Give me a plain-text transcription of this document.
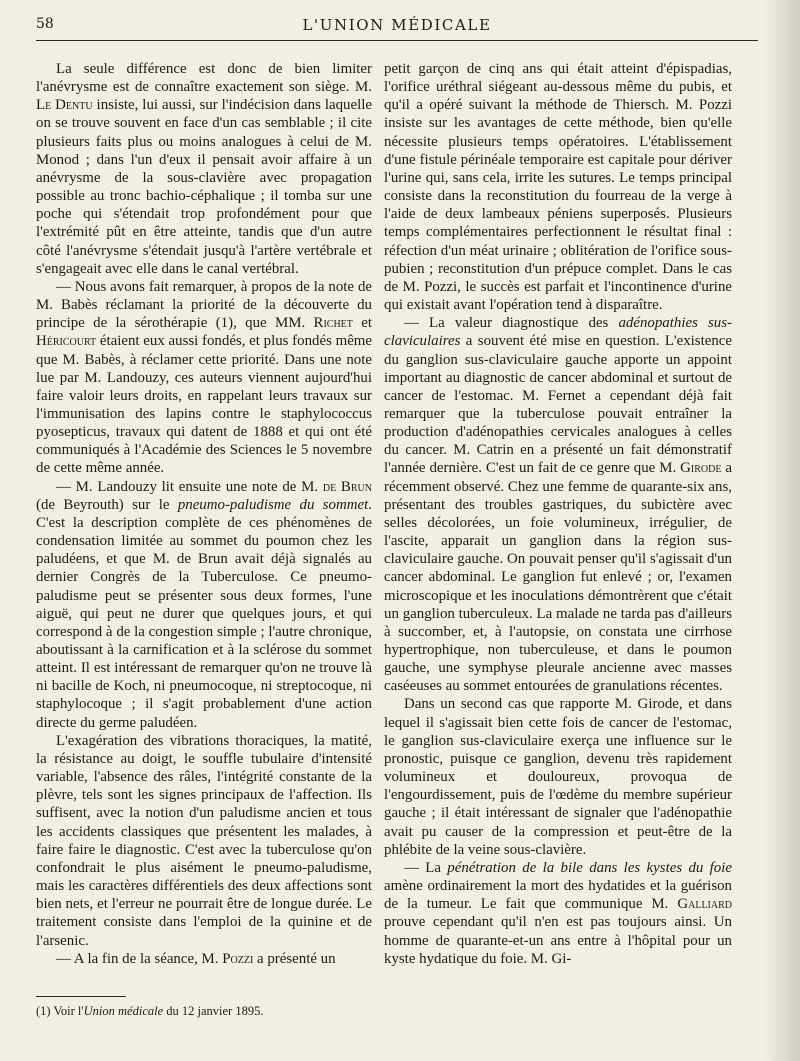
58	L'UNION MÉDICALE

La seule différence est donc de bien limiter l'anévrysme est de connaître exactement son siège. M. Le Dentu insiste, lui aussi, sur l'indécision dans laquelle on se trouve souvent en face d'un cas semblable ; il cite plusieurs faits plus ou moins analogues à celui de M. Monod ; dans l'un d'eux il pensait avoir affaire à un anévrysme de la sous-clavière avec propagation possible au tronc bachio-céphalique ; il tomba sur une poche qui s'étendait trop profondément pour que l'extrémité pût en être atteinte, tandis que d'un autre côté l'anévrysme s'étendait jusqu'à l'artère vertébrale et s'engageait avec elle dans le canal vertébral.

— Nous avons fait remarquer, à propos de la note de M. Babès réclamant la priorité de la découverte du principe de la sérothérapie (1), que MM. Richet et Héricourt étaient eux aussi fondés, et plus fondés même que M. Babès, à réclamer cette priorité. Dans une note lue par M. Landouzy, ces auteurs viennent aujourd'hui faire valoir leurs droits, en rappelant leurs travaux sur l'immunisation des lapins contre le staphylococcus pyosepticus, travaux qui datent de 1888 et qui ont été communiqués à l'Académie des Sciences le 5 novembre de cette même année.

— M. Landouzy lit ensuite une note de M. de Brun (de Beyrouth) sur le pneumo-paludisme du sommet. C'est la description complète de ces phénomènes de condensation limitée au sommet du poumon chez les paludéens, et que M. de Brun avait déjà signalés au dernier Congrès de la Tuberculose. Ce pneumo-paludisme peut se présenter sous deux formes, l'une aiguë, qui peut ne durer que quelques jours, et qui correspond à de la congestion simple ; l'autre chronique, aboutissant à la carnification et à la sclérose du sommet atteint. Il est intéressant de remarquer qu'on ne trouve là ni bacille de Koch, ni pneumocoque, ni streptocoque, ni staphylocoque ; il s'agit probablement d'une action directe du germe paludéen.

L'exagération des vibrations thoraciques, la matité, la résistance au doigt, le souffle tubulaire d'intensité variable, l'absence des râles, l'intégrité constante de la plèvre, tels sont les signes principaux de l'affection. Ils suffisent, avec la notion d'un paludisme ancien et tous les accidents classiques que présentent les malades, à faire faire le diagnostic. C'est avec la tuberculose qu'on confondrait le plus aisément le pneumo-paludisme, mais les caractères différentiels des deux affections sont bien nets, et l'erreur ne pourrait être de longue durée. Le traitement consiste dans l'emploi de la quinine et de l'arsenic.

— A la fin de la séance, M. Pozzi a présenté un

petit garçon de cinq ans qui était atteint d'épispadias, l'orifice uréthral siégeant au-dessous même du pubis, et qu'il a opéré suivant la méthode de Thiersch. M. Pozzi insiste sur les avantages de cette méthode, bien qu'elle nécessite plusieurs temps opératoires. L'établissement d'une fistule périnéale temporaire est capitale pour dériver l'urine qui, sans cela, irrite les sutures. Le temps principal consiste dans la reconstitution du fourreau de la verge à l'aide de deux lambeaux péniens superposés. Plusieurs temps complémentaires perfectionnent le résultat final : réfection d'un méat urinaire ; oblitération de l'orifice sous-pubien ; reconstitution d'un prépuce complet. Dans le cas de M. Pozzi, le succès est parfait et l'incontinence d'urine qui existait avant l'opération tend à disparaître.

— La valeur diagnostique des adénopathies sus-claviculaires a souvent été mise en question. L'existence du ganglion sus-claviculaire gauche apporte un appoint important au diagnostic de cancer abdominal et surtout de cancer de l'estomac. M. Fernet a cependant déjà fait remarquer que la tuberculose pouvait entraîner la production d'adénopathies cervicales analogues à celles du cancer. M. Catrin en a présenté un fait démonstratif l'année dernière. C'est un fait de ce genre que M. Girode a récemment observé. Chez une femme de quarante-six ans, présentant des troubles gastriques, du subictère avec selles décolorées, un foie volumineux, irrégulier, de l'ascite, apparait un ganglion dans la région sus-claviculaire gauche. On pouvait penser qu'il s'agissait d'un cancer abdominal. Le ganglion fut enlevé ; or, l'examen microscopique et les inoculations démontrèrent que c'était un ganglion tuberculeux. La malade ne tarda pas d'ailleurs à succomber, et, à l'autopsie, on constata une cirrhose hypertrophique, non tuberculeuse, et dans le poumon gauche, une symphyse pleurale ancienne avec masses caséeuses au sommet entourées de granulations récentes.

Dans un second cas que rapporte M. Girode, et dans lequel il s'agissait bien cette fois de cancer de l'estomac, le ganglion sus-claviculaire exerça une influence sur le pronostic, puisque ce ganglion, devenu très rapidement volumineux et douloureux, provoqua de l'engourdissement, puis de l'œdème du membre supérieur gauche ; il était intéressant de signaler que l'adénopathie avait pu causer de la compression et peut-être de la phlébite de la veine sous-clavière.

— La pénétration de la bile dans les kystes du foie amène ordinairement la mort des hydatides et la guérison de la tumeur. Le fait que communique M. Galliard prouve cependant qu'il n'en est pas toujours ainsi. Un homme de quarante-et-un ans entre à l'hôpital pour un kyste hydatique du foie. M. Gi-

(1) Voir l'Union médicale du 12 janvier 1895.
